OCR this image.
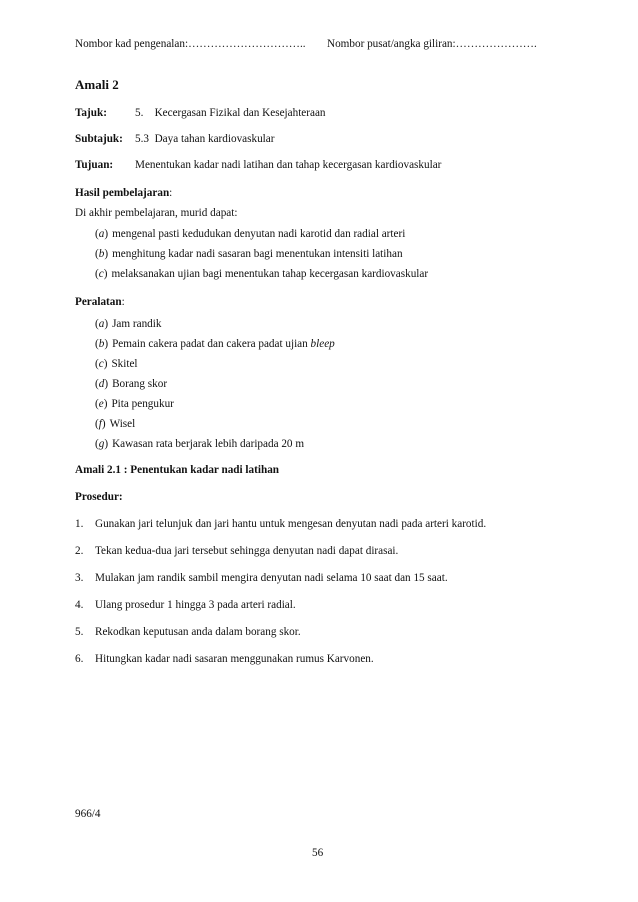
Nombor kad pengenalan:………………………….. Nombor pusat/angka giliran:………………….
Amali 2
Tajuk:	5.    Kecergasan Fizikal dan Kesejahteraan
Subtajuk: 5.3  Daya tahan kardiovaskular
Tujuan: Menentukan kadar nadi latihan dan tahap kecergasan kardiovaskular
Hasil pembelajaran:
Di akhir pembelajaran, murid dapat:
(a) mengenal pasti kedudukan denyutan nadi karotid dan radial arteri
(b) menghitung kadar nadi sasaran bagi menentukan intensiti latihan
(c) melaksanakan ujian bagi menentukan tahap kecergasan kardiovaskular
Peralatan:
(a) Jam randik
(b) Pemain cakera padat dan cakera padat ujian bleep
(c) Skitel
(d) Borang skor
(e) Pita pengukur
(f) Wisel
(g) Kawasan rata berjarak lebih daripada 20 m
Amali 2.1 : Penentukan kadar nadi latihan
Prosedur:
1. Gunakan jari telunjuk dan jari hantu untuk mengesan denyutan nadi pada arteri karotid.
2. Tekan kedua-dua jari tersebut sehingga denyutan nadi dapat dirasai.
3. Mulakan jam randik sambil mengira denyutan nadi selama 10 saat dan 15 saat.
4. Ulang prosedur 1 hingga 3 pada arteri radial.
5. Rekodkan keputusan anda dalam borang skor.
6. Hitungkan kadar nadi sasaran menggunakan rumus Karvonen.
966/4
56
